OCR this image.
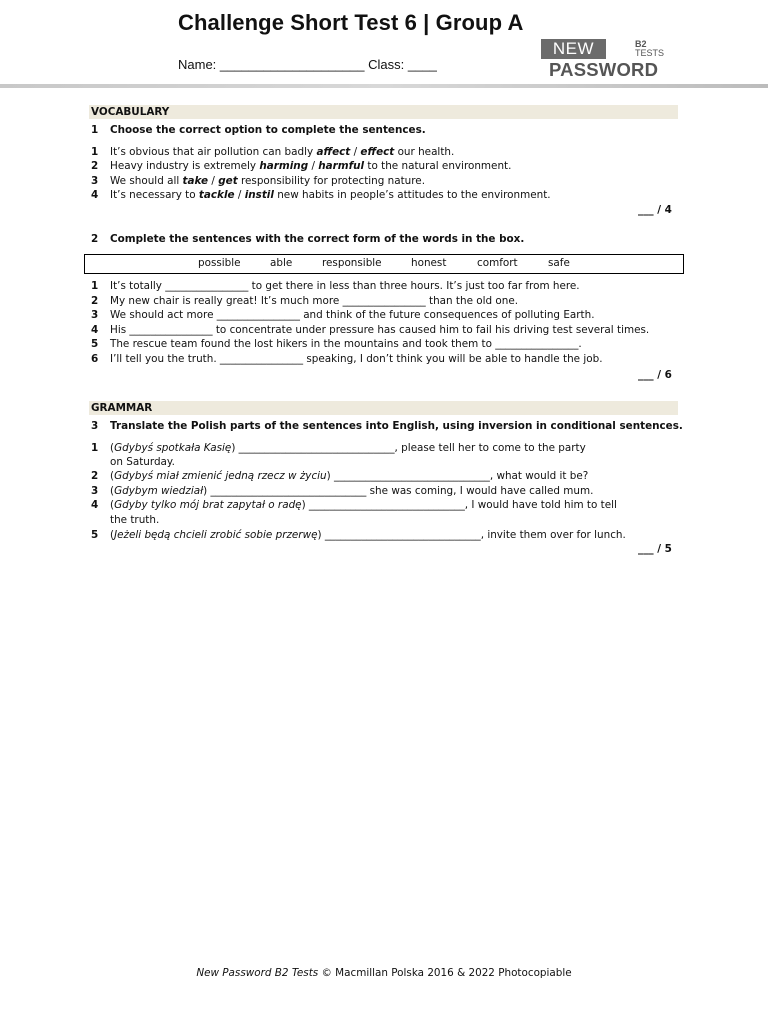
Challenge Short Test 6 | Group A
Name: ____________________ Class: ____
NEW	B2
TESTS
PASSWORD
VOCABULARY
1 Choose the correct option to complete the sentences.
1 It’s obvious that air pollution can badly affect / effect our health.
2 Heavy industry is extremely harming / harmful to the natural environment.
3 We should all take / get responsibility for protecting nature.
4 It’s necessary to tackle / instil new habits in people’s attitudes to the environment.
___ / 4
2 Complete the sentences with the correct form of the words in the box.
possible	able	responsible	honest	comfort	safe
1 It’s totally ________________ to get there in less than three hours. It’s just too far from here.
2 My new chair is really great! It’s much more ________________ than the old one.
3 We should act more ________________ and think of the future consequences of polluting Earth.
4 His ________________ to concentrate under pressure has caused him to fail his driving test several times.
5 The rescue team found the lost hikers in the mountains and took them to ________________.
6 I’ll tell you the truth. ________________ speaking, I don’t think you will be able to handle the job.
___ / 6
GRAMMAR
3 Translate the Polish parts of the sentences into English, using inversion in conditional sentences.
1 (Gdybyś spotkała Kasię) ______________________________, please tell her to come to the party
on Saturday.
2 (Gdybyś miał zmienić jedną rzecz w życiu) ______________________________, what would it be?
3 (Gdybym wiedział) ______________________________ she was coming, I would have called mum.
4 (Gdyby tylko mój brat zapytał o radę) ______________________________, I would have told him to tell
the truth.
5 (Jeżeli będą chcieli zrobić sobie przerwę) ______________________________, invite them over for lunch.
___ / 5
New Password B2 Tests © Macmillan Polska 2016 & 2022 Photocopiable
